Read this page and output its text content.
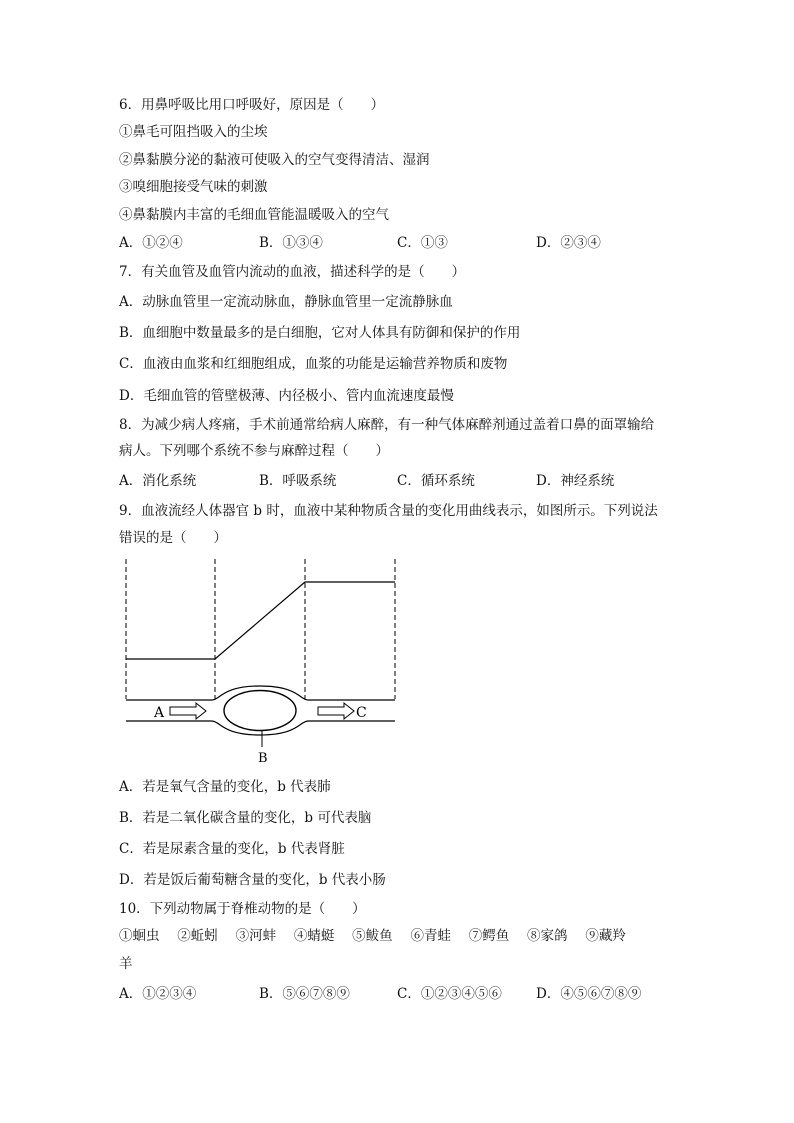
6．用鼻呼吸比用口呼吸好，原因是（　　）
①鼻毛可阻挡吸入的尘埃
②鼻黏膜分泌的黏液可使吸入的空气变得清洁、湿润
③嗅细胞接受气味的刺激
④鼻黏膜内丰富的毛细血管能温暖吸入的空气
A．①②④	B．①③④	C．①③	D．②③④
7．有关血管及血管内流动的血液，描述科学的是（　　）
A．动脉血管里一定流动脉血，静脉血管里一定流静脉血
B．血细胞中数量最多的是白细胞，它对人体具有防御和保护的作用
C．血液由血浆和红细胞组成，血浆的功能是运输营养物质和废物
D．毛细血管的管壁极薄、内径极小、管内血流速度最慢
8．为减少病人疼痛，手术前通常给病人麻醉，有一种气体麻醉剂通过盖着口鼻的面罩输给
病人。下列哪个系统不参与麻醉过程（　　）
A．消化系统	B．呼吸系统	C．循环系统	D．神经系统
9．血液流经人体器官 b 时，血液中某种物质含量的变化用曲线表示，如图所示。下列说法
错误的是（　　）
A	C
B
A．若是氧气含量的变化，b 代表肺
B．若是二氧化碳含量的变化，b 可代表脑
C．若是尿素含量的变化，b 代表肾脏
D．若是饭后葡萄糖含量的变化，b 代表小肠
10．下列动物属于脊椎动物的是（　　）
①蛔虫　 ②蚯蚓　 ③河蚌　 ④蜻蜓　 ⑤鲅鱼　 ⑥青蛙　 ⑦鳄鱼　 ⑧家鸽　 ⑨藏羚
羊
A．①②③④	B．⑤⑥⑦⑧⑨	C．①②③④⑤⑥	D．④⑤⑥⑦⑧⑨
